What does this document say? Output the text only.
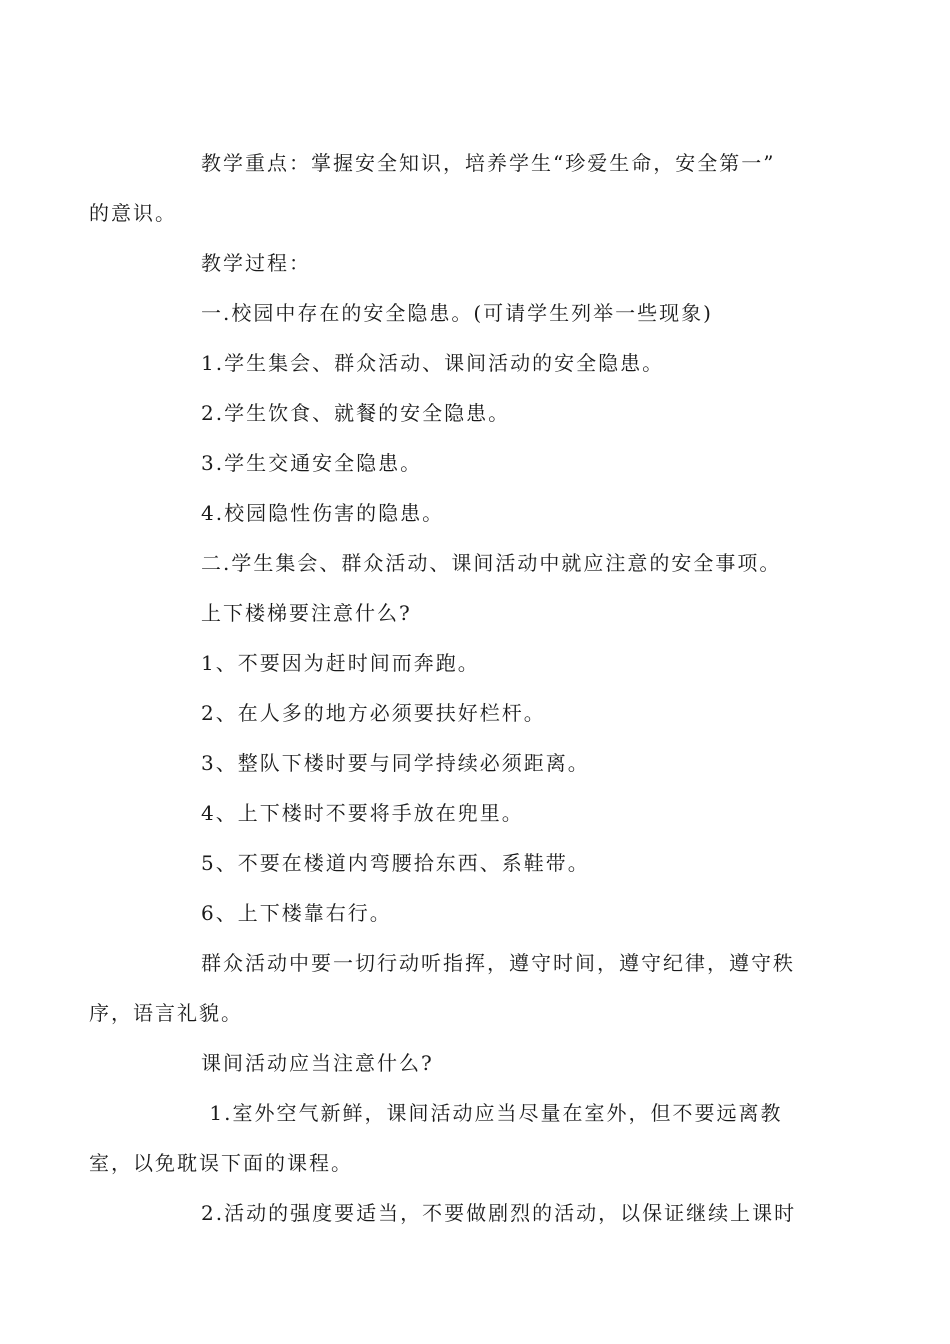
教学重点：掌握安全知识，培养学生“珍爱生命，安全第一”
的意识。

教学过程：

一.校园中存在的安全隐患。(可请学生列举一些现象)

1.学生集会、群众活动、课间活动的安全隐患。

2.学生饮食、就餐的安全隐患。

3.学生交通安全隐患。

4.校园隐性伤害的隐患。

二.学生集会、群众活动、课间活动中就应注意的安全事项。

上下楼梯要注意什么?

1、不要因为赶时间而奔跑。

2、在人多的地方必须要扶好栏杆。

3、整队下楼时要与同学持续必须距离。

4、上下楼时不要将手放在兜里。

5、不要在楼道内弯腰拾东西、系鞋带。

6、上下楼靠右行。

群众活动中要一切行动听指挥，遵守时间，遵守纪律，遵守秩
序，语言礼貌。

课间活动应当注意什么?

1.室外空气新鲜，课间活动应当尽量在室外，但不要远离教
室，以免耽误下面的课程。

2.活动的强度要适当，不要做剧烈的活动，以保证继续上课时
